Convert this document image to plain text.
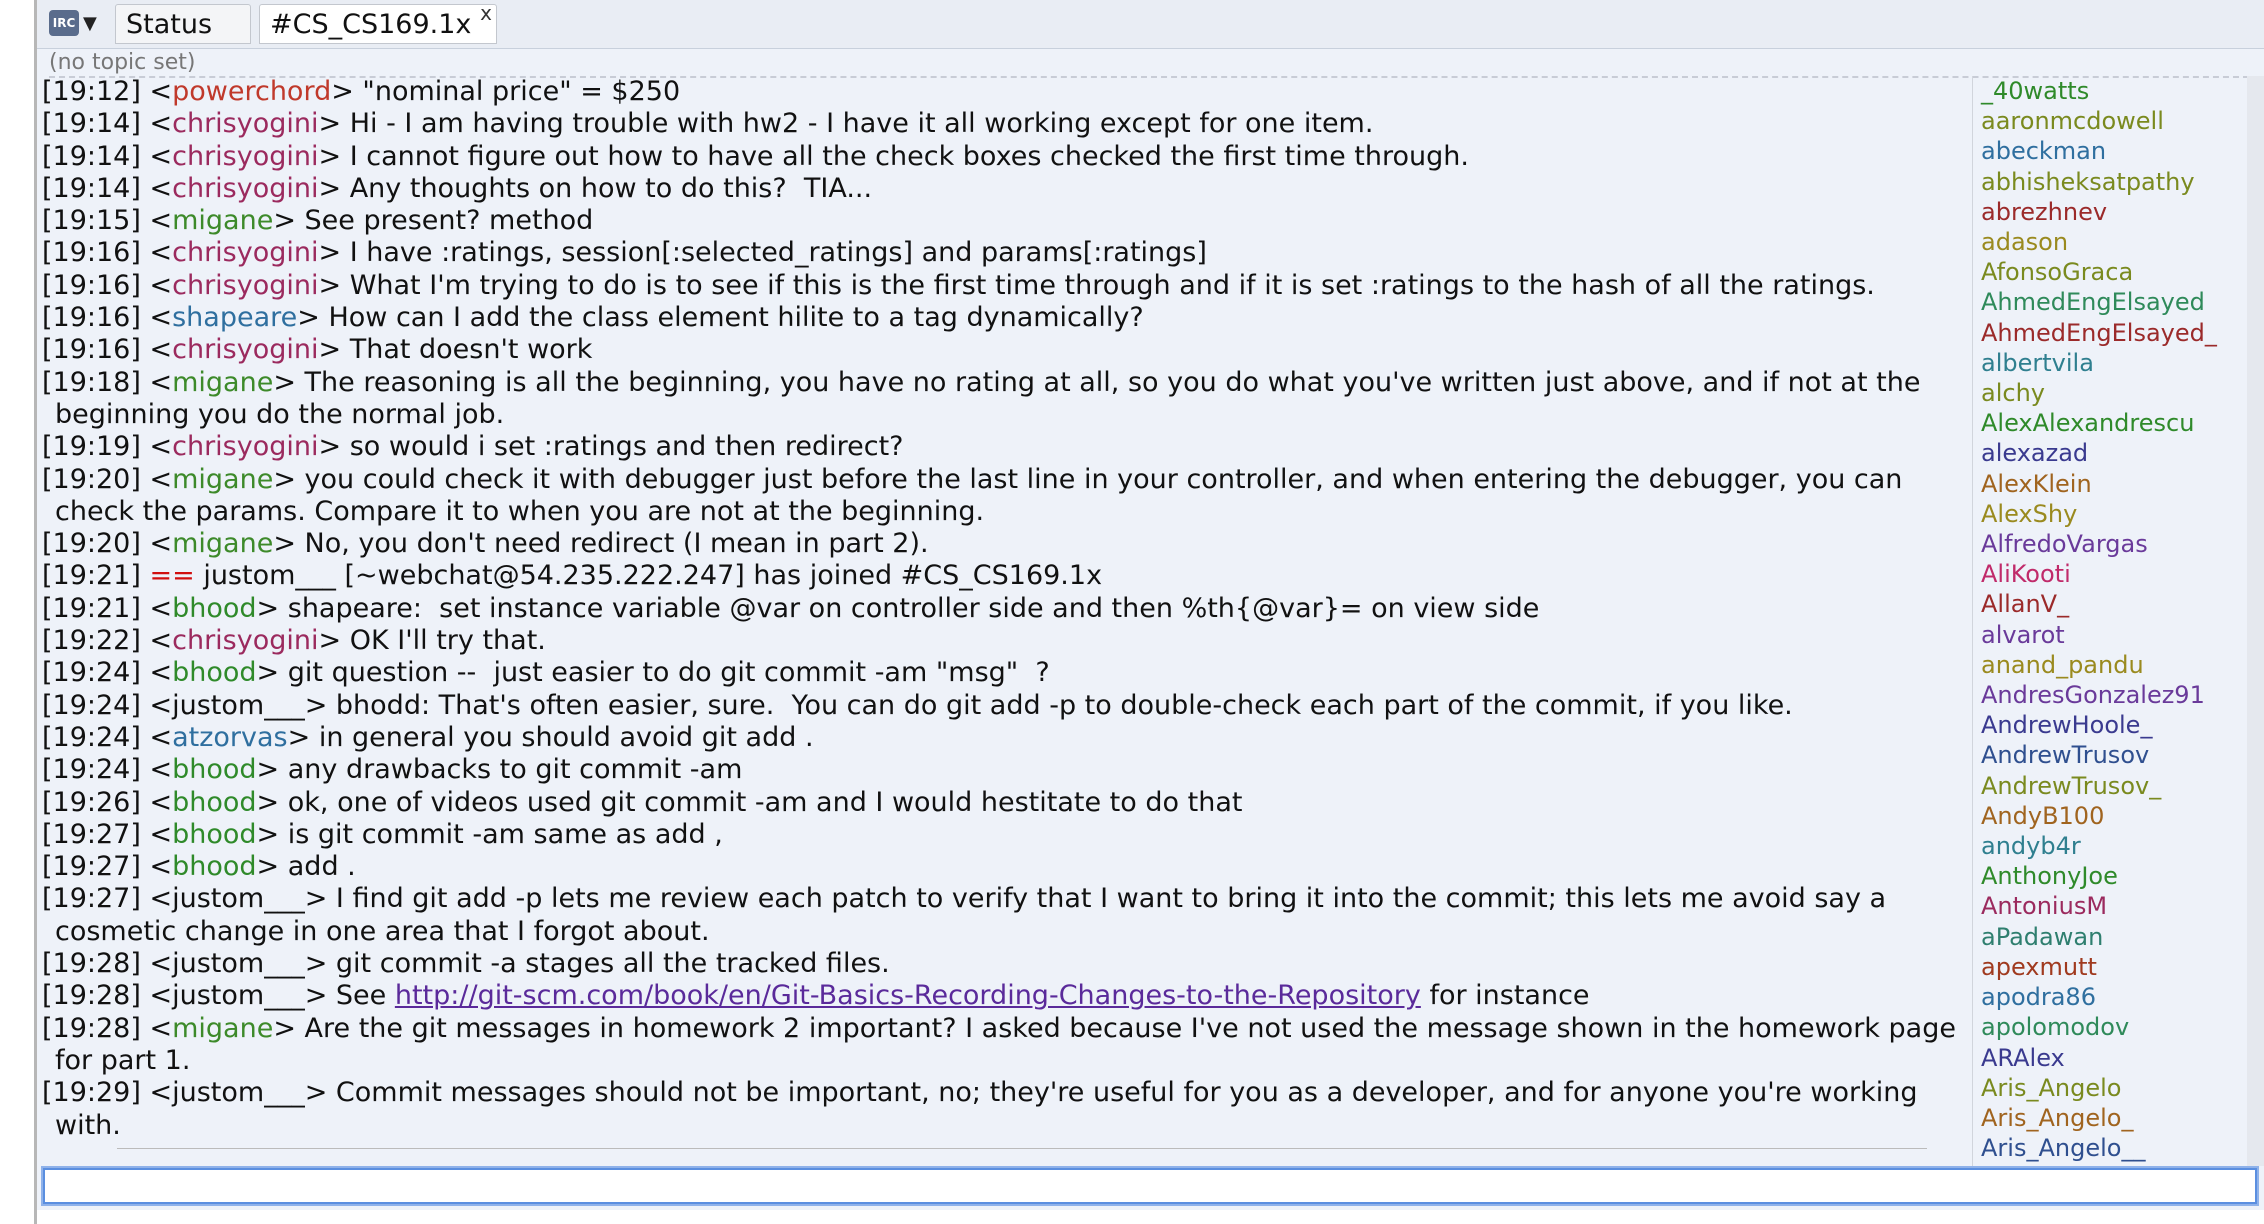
IRC ▼ Status #CS_CS169.1x x
(no topic set)
[19:12] <powerchord> "nominal price" = $250
[19:14] <chrisyogini> Hi - I am having trouble with hw2 - I have it all working except for one item.
[19:14] <chrisyogini> I cannot figure out how to have all the check boxes checked the first time through.
[19:14] <chrisyogini> Any thoughts on how to do this?  TIA...
[19:15] <migane> See present? method
[19:16] <chrisyogini> I have :ratings, session[:selected_ratings] and params[:ratings]
[19:16] <chrisyogini> What I'm trying to do is to see if this is the first time through and if it is set :ratings to the hash of all the ratings.
[19:16] <shapeare> How can I add the class element hilite to a tag dynamically?
[19:16] <chrisyogini> That doesn't work
[19:18] <migane> The reasoning is all the beginning, you have no rating at all, so you do what you've written just above, and if not at the
beginning you do the normal job.
[19:19] <chrisyogini> so would i set :ratings and then redirect?
[19:20] <migane> you could check it with debugger just before the last line in your controller, and when entering the debugger, you can
check the params. Compare it to when you are not at the beginning.
[19:20] <migane> No, you don't need redirect (I mean in part 2).
[19:21] == justom___ [~webchat@54.235.222.247] has joined #CS_CS169.1x
[19:21] <bhood> shapeare:  set instance variable @var on controller side and then %th{@var}= on view side
[19:22] <chrisyogini> OK I'll try that.
[19:24] <bhood> git question --  just easier to do git commit -am "msg"  ?
[19:24] <justom___> bhodd: That's often easier, sure.  You can do git add -p to double-check each part of the commit, if you like.
[19:24] <atzorvas> in general you should avoid git add .
[19:24] <bhood> any drawbacks to git commit -am
[19:26] <bhood> ok, one of videos used git commit -am and I would hestitate to do that
[19:27] <bhood> is git commit -am same as add ,
[19:27] <bhood> add .
[19:27] <justom___> I find git add -p lets me review each patch to verify that I want to bring it into the commit; this lets me avoid say a
cosmetic change in one area that I forgot about.
[19:28] <justom___> git commit -a stages all the tracked files.
[19:28] <justom___> See http://git-scm.com/book/en/Git-Basics-Recording-Changes-to-the-Repository for instance
[19:28] <migane> Are the git messages in homework 2 important? I asked because I've not used the message shown in the homework page
for part 1.
[19:29] <justom___> Commit messages should not be important, no; they're useful for you as a developer, and for anyone you're working
with.
_40watts
aaronmcdowell
abeckman
abhisheksatpathy
abrezhnev
adason
AfonsoGraca
AhmedEngElsayed
AhmedEngElsayed_
albertvila
alchy
AlexAlexandrescu
alexazad
AlexKlein
AlexShy
AlfredoVargas
AliKooti
AllanV_
alvarot
anand_pandu
AndresGonzalez91
AndrewHoole_
AndrewTrusov
AndrewTrusov_
AndyB100
andyb4r
AnthonyJoe
AntoniusM
aPadawan
apexmutt
apodra86
apolomodov
ARAlex
Aris_Angelo
Aris_Angelo_
Aris_Angelo__
